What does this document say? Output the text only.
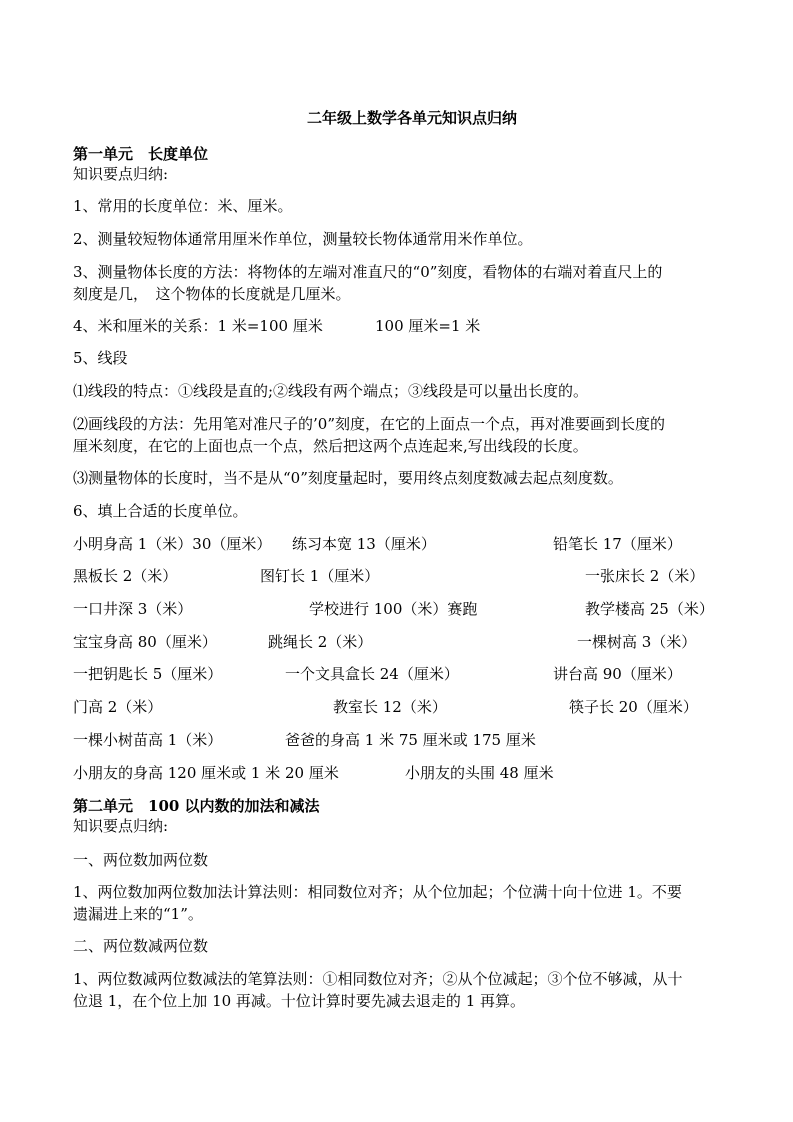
二年级上数学各单元知识点归纳
第一单元　长度单位
知识要点归纳:
1、常用的长度单位：米、厘米。
2、测量较短物体通常用厘米作单位，测量较长物体通常用米作单位。
3、测量物体长度的方法：将物体的左端对准直尺的“0”刻度，看物体的右端对着直尺上的
刻度是几，　这个物体的长度就是几厘米。
4、米和厘米的关系：1 米=100 厘米	100 厘米=1 米
5、线段
⑴线段的特点：①线段是直的;②线段有两个端点；③线段是可以量出长度的。
⑵画线段的方法：先用笔对准尺子的’0”刻度，在它的上面点一个点，再对准要画到长度的
厘米刻度，在它的上面也点一个点，然后把这两个点连起来,写出线段的长度。
⑶测量物体的长度时，当不是从“0”刻度量起时，要用终点刻度数减去起点刻度数。
6、填上合适的长度单位。
小明身高 1（米）30（厘米） 练习本宽 13（厘米）	铅笔长 17（厘米）
黑板长 2（米）	图钉长 1（厘米）	一张床长 2（米）
一口井深 3（米）	学校进行 100（米）赛跑	教学楼高 25（米）
宝宝身高 80（厘米）	跳绳长 2（米）	一棵树高 3（米）
一把钥匙长 5（厘米）	一个文具盒长 24（厘米）	讲台高 90（厘米）
门高 2（米）	教室长 12（米）	筷子长 20（厘米）
一棵小树苗高 1（米）	爸爸的身高 1 米 75 厘米或 175 厘米
小朋友的身高 120 厘米或 1 米 20 厘米	小朋友的头围 48 厘米
第二单元　100 以内数的加法和减法
知识要点归纳:
一、两位数加两位数
1、两位数加两位数加法计算法则：相同数位对齐；从个位加起；个位满十向十位进 1。不要
遗漏进上来的“1”。
二、两位数减两位数
1、两位数减两位数减法的笔算法则：①相同数位对齐；②从个位减起；③个位不够减，从十
位退 1，在个位上加 10 再减。十位计算时要先减去退走的 1 再算。
